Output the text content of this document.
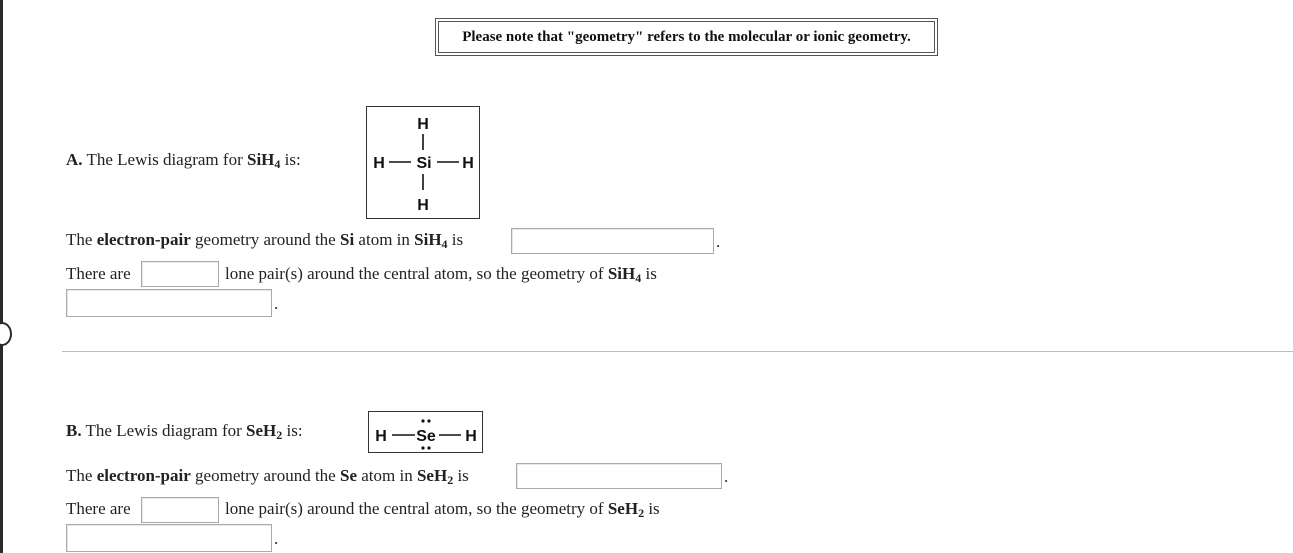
Please note that "geometry" refers to the molecular or ionic geometry.
A. The Lewis diagram for SiH$_4$ is:
H
H Si H
H
The electron-pair geometry around the Si atom in SiH$_4$ is	.
There are	lone pair(s) around the central atom, so the geometry of SiH$_4$ is
.
B. The Lewis diagram for SeH$_2$ is:	H Se H
The electron-pair geometry around the Se atom in SeH$_2$ is	.
There are	lone pair(s) around the central atom, so the geometry of SeH$_2$ is
.
